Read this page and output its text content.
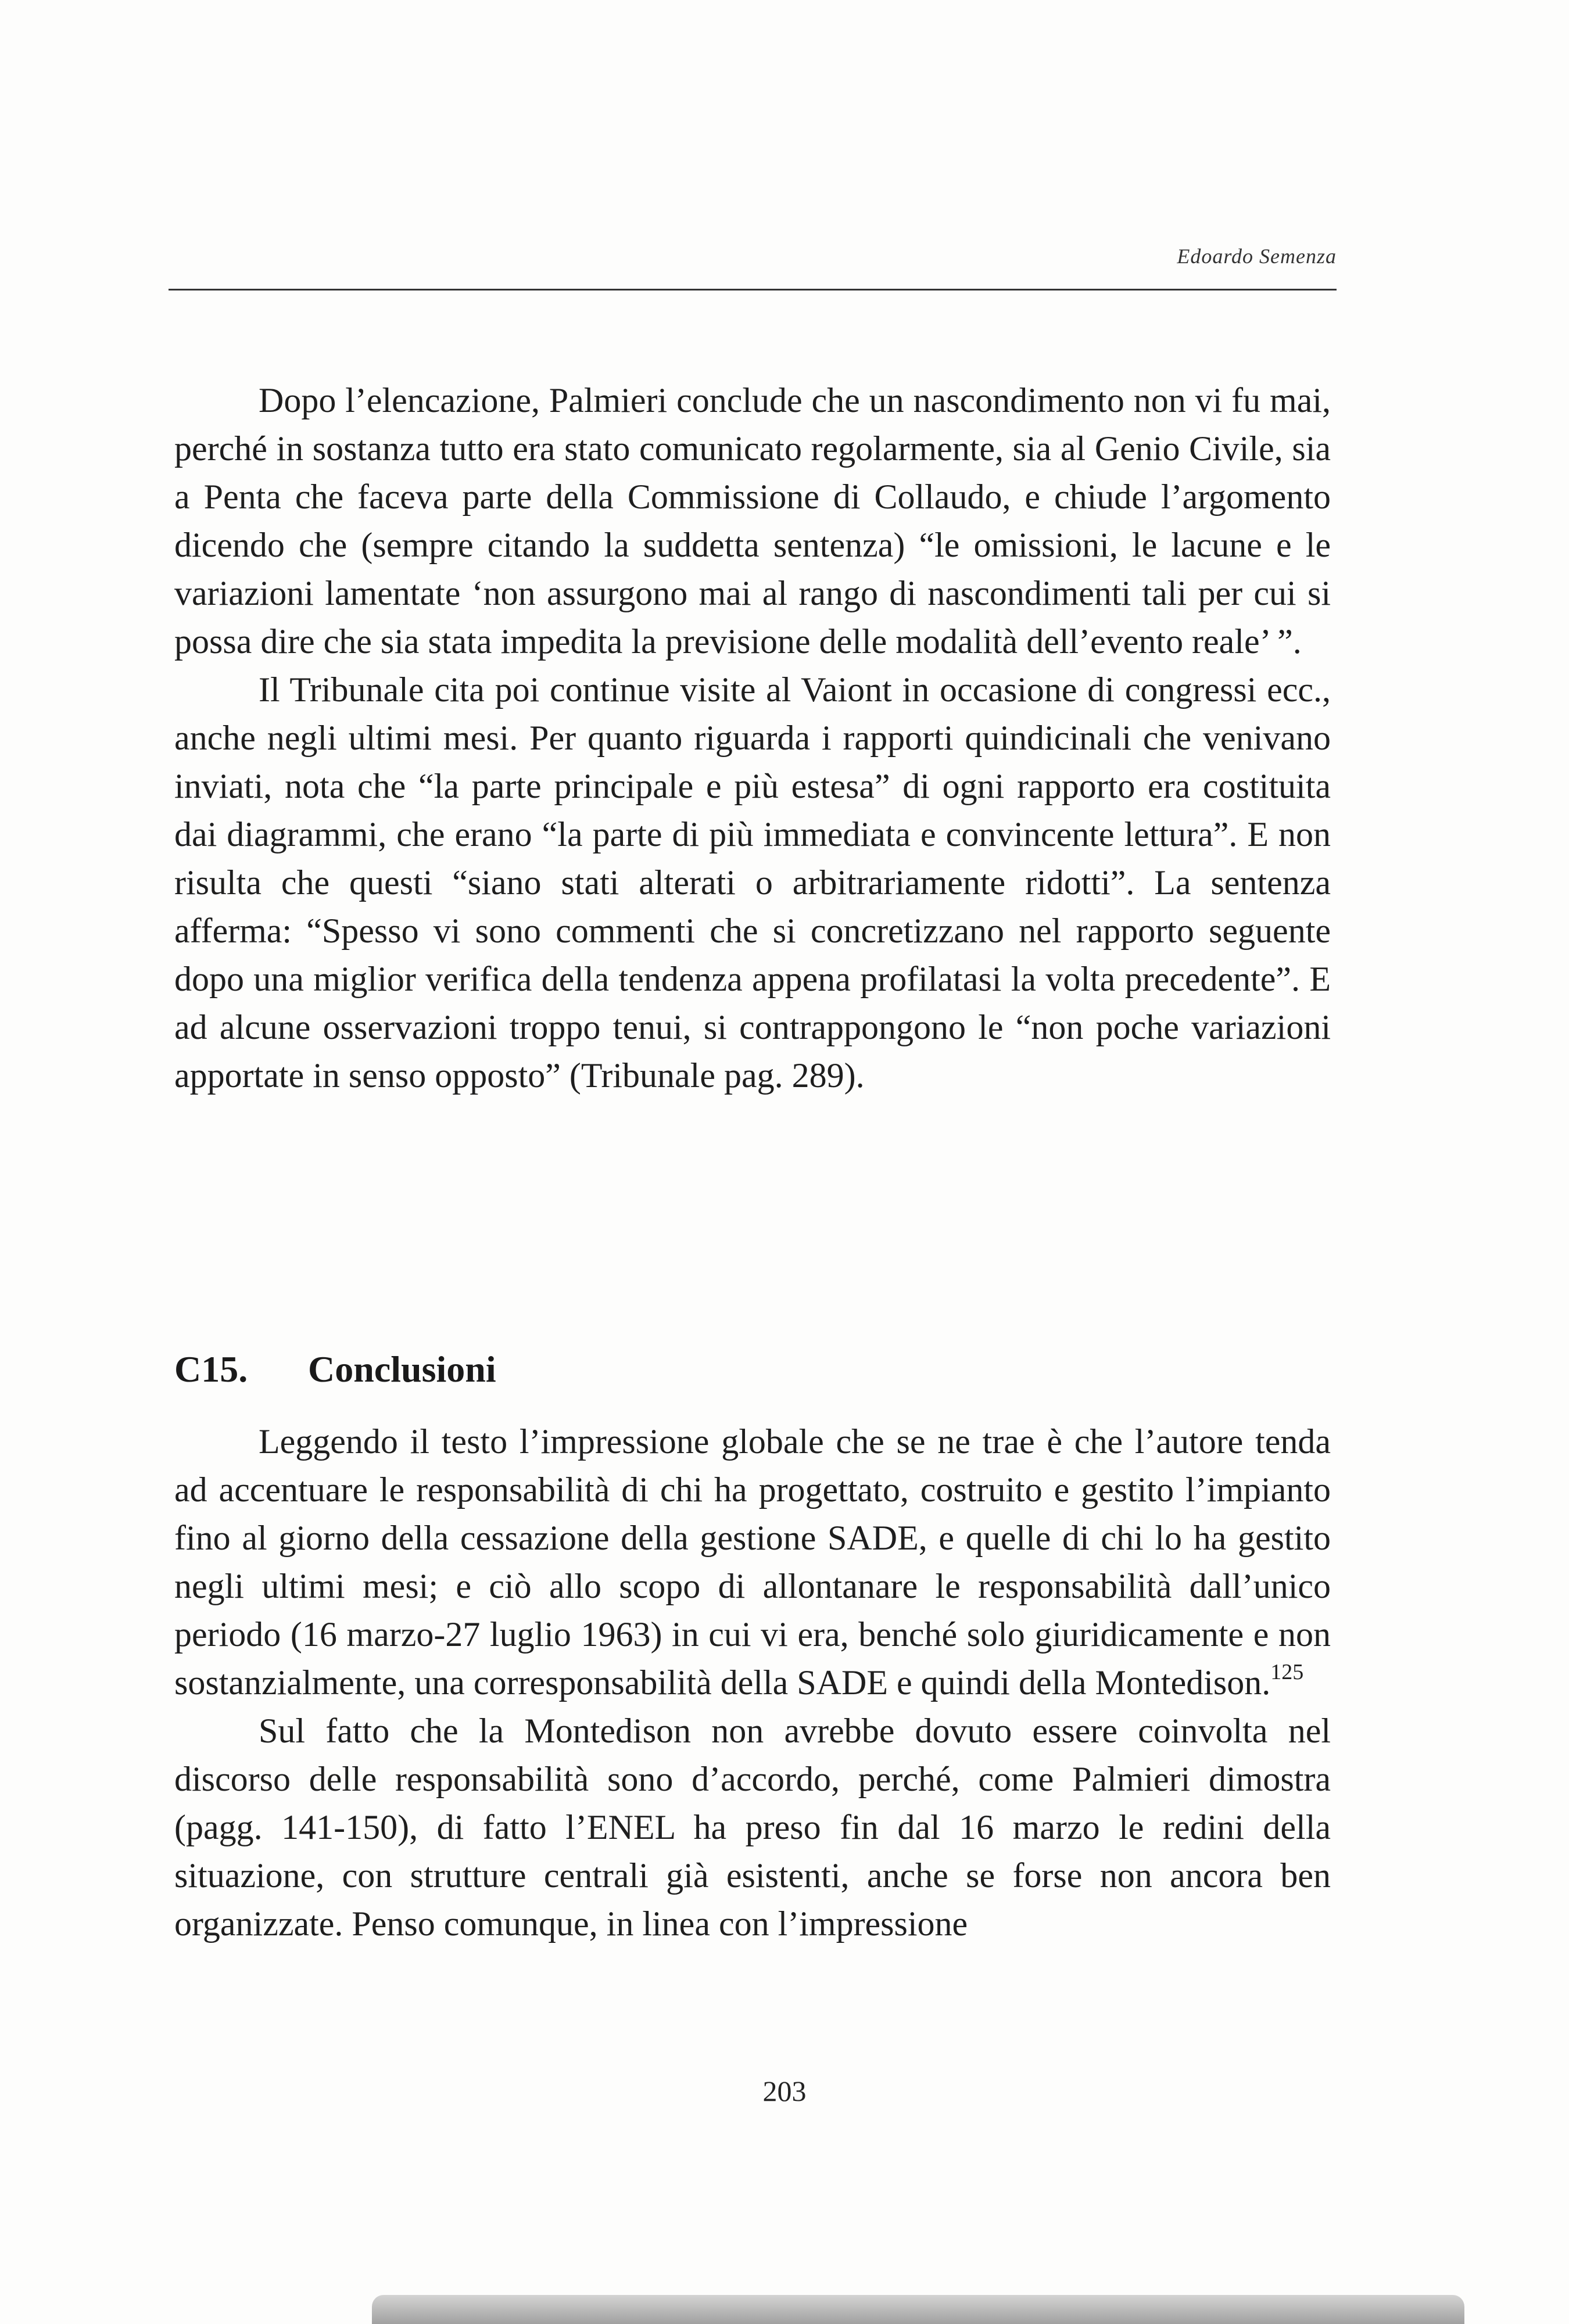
Edoardo Semenza

Dopo l’elencazione, Palmieri conclude che un nascondimento non vi fu mai, perché in sostanza tutto era stato comunicato regolarmente, sia al Genio Civile, sia a Penta che faceva parte della Commissione di Collaudo, e chiude l’argomento dicendo che (sempre citando la suddetta sentenza) “le omissioni, le lacune e le variazioni lamentate ‘non assurgono mai al rango di nascondimenti tali per cui si possa dire che sia stata impedita la previsione delle modalità dell’evento reale’ ”.

Il Tribunale cita poi continue visite al Vaiont in occasione di congressi ecc., anche negli ultimi mesi. Per quanto riguarda i rapporti quindicinali che venivano inviati, nota che “la parte principale e più estesa” di ogni rapporto era costituita dai diagrammi, che erano “la parte di più immediata e convincente lettura”. E non risulta che questi “siano stati alterati o arbitrariamente ridotti”. La sentenza afferma: “Spesso vi sono commenti che si concretizzano nel rapporto seguente dopo una miglior verifica della tendenza appena profilatasi la volta precedente”. E ad alcune osservazioni troppo tenui, si contrappongono le “non poche variazioni apportate in senso opposto” (Tribunale pag. 289).

C15. Conclusioni

Leggendo il testo l’impressione globale che se ne trae è che l’autore tenda ad accentuare le responsabilità di chi ha progettato, costruito e gestito l’impianto fino al giorno della cessazione della gestione SADE, e quelle di chi lo ha gestito negli ultimi mesi; e ciò allo scopo di allontanare le responsabilità dall’unico periodo (16 marzo-27 luglio 1963) in cui vi era, benché solo giuridicamente e non sostanzialmente, una corresponsabilità della SADE e quindi della Montedison.$^{125}$

Sul fatto che la Montedison non avrebbe dovuto essere coinvolta nel discorso delle responsabilità sono d’accordo, perché, come Palmieri dimostra (pagg. 141-150), di fatto l’ENEL ha preso fin dal 16 marzo le redini della situazione, con strutture centrali già esistenti, anche se forse non ancora ben organizzate. Penso comunque, in linea con l’impressione

203
